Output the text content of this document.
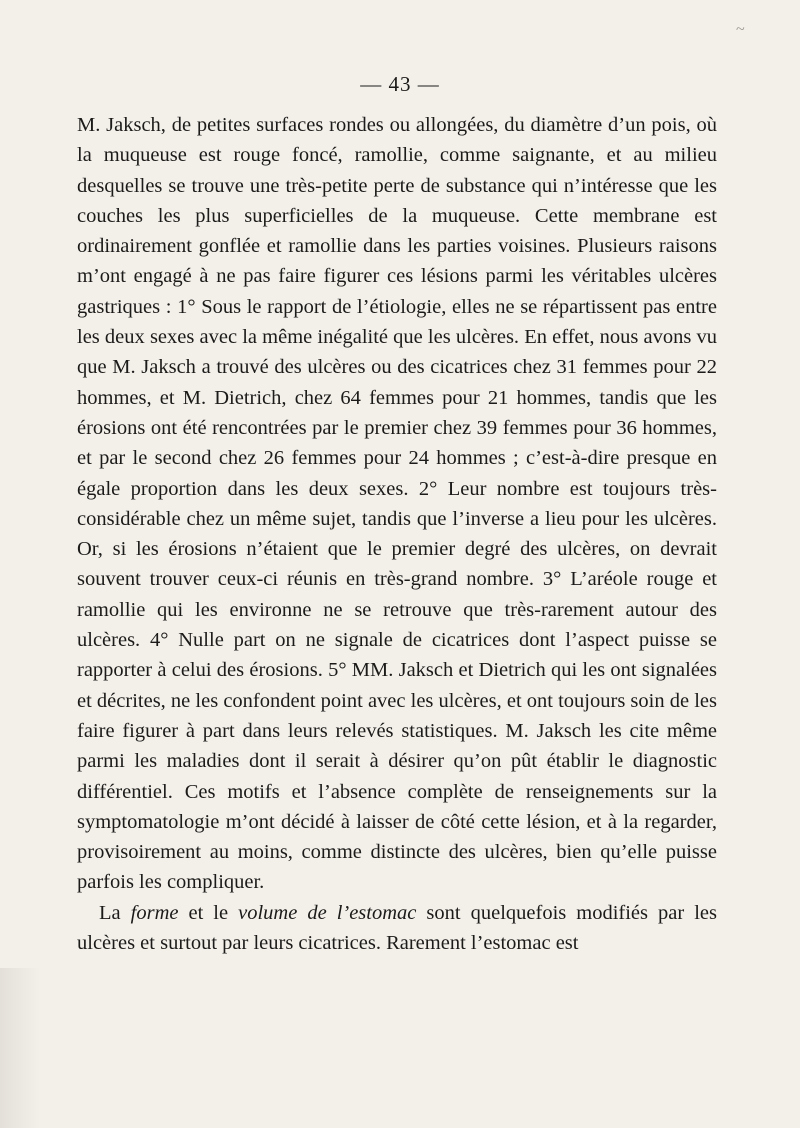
~
— 43 —

M. Jaksch, de petites surfaces rondes ou allongées, du diamètre d’un pois, où la muqueuse est rouge foncé, ramollie, comme saignante, et au milieu desquelles se trouve une très-petite perte de substance qui n’intéresse que les couches les plus superficielles de la muqueuse. Cette membrane est ordinairement gonflée et ramollie dans les parties voisines. Plusieurs raisons m’ont engagé à ne pas faire figurer ces lésions parmi les véritables ulcères gastriques : 1° Sous le rapport de l’étiologie, elles ne se répartissent pas entre les deux sexes avec la même inégalité que les ulcères. En effet, nous avons vu que M. Jaksch a trouvé des ulcères ou des cicatrices chez 31 femmes pour 22 hommes, et M. Dietrich, chez 64 femmes pour 21 hommes, tandis que les érosions ont été rencontrées par le premier chez 39 femmes pour 36 hommes, et par le second chez 26 femmes pour 24 hommes ; c’est-à-dire presque en égale proportion dans les deux sexes. 2° Leur nombre est toujours très-considérable chez un même sujet, tandis que l’inverse a lieu pour les ulcères. Or, si les érosions n’étaient que le premier degré des ulcères, on devrait souvent trouver ceux-ci réunis en très-grand nombre. 3° L’aréole rouge et ramollie qui les environne ne se retrouve que très-rarement autour des ulcères. 4° Nulle part on ne signale de cicatrices dont l’aspect puisse se rapporter à celui des érosions. 5° MM. Jaksch et Dietrich qui les ont signalées et décrites, ne les confondent point avec les ulcères, et ont toujours soin de les faire figurer à part dans leurs relevés statistiques. M. Jaksch les cite même parmi les maladies dont il serait à désirer qu’on pût établir le diagnostic différentiel. Ces motifs et l’absence complète de renseignements sur la symptomatologie m’ont décidé à laisser de côté cette lésion, et à la regarder, provisoirement au moins, comme distincte des ulcères, bien qu’elle puisse parfois les compliquer.

La forme et le volume de l’estomac sont quelquefois modifiés par les ulcères et surtout par leurs cicatrices. Rarement l’estomac est
